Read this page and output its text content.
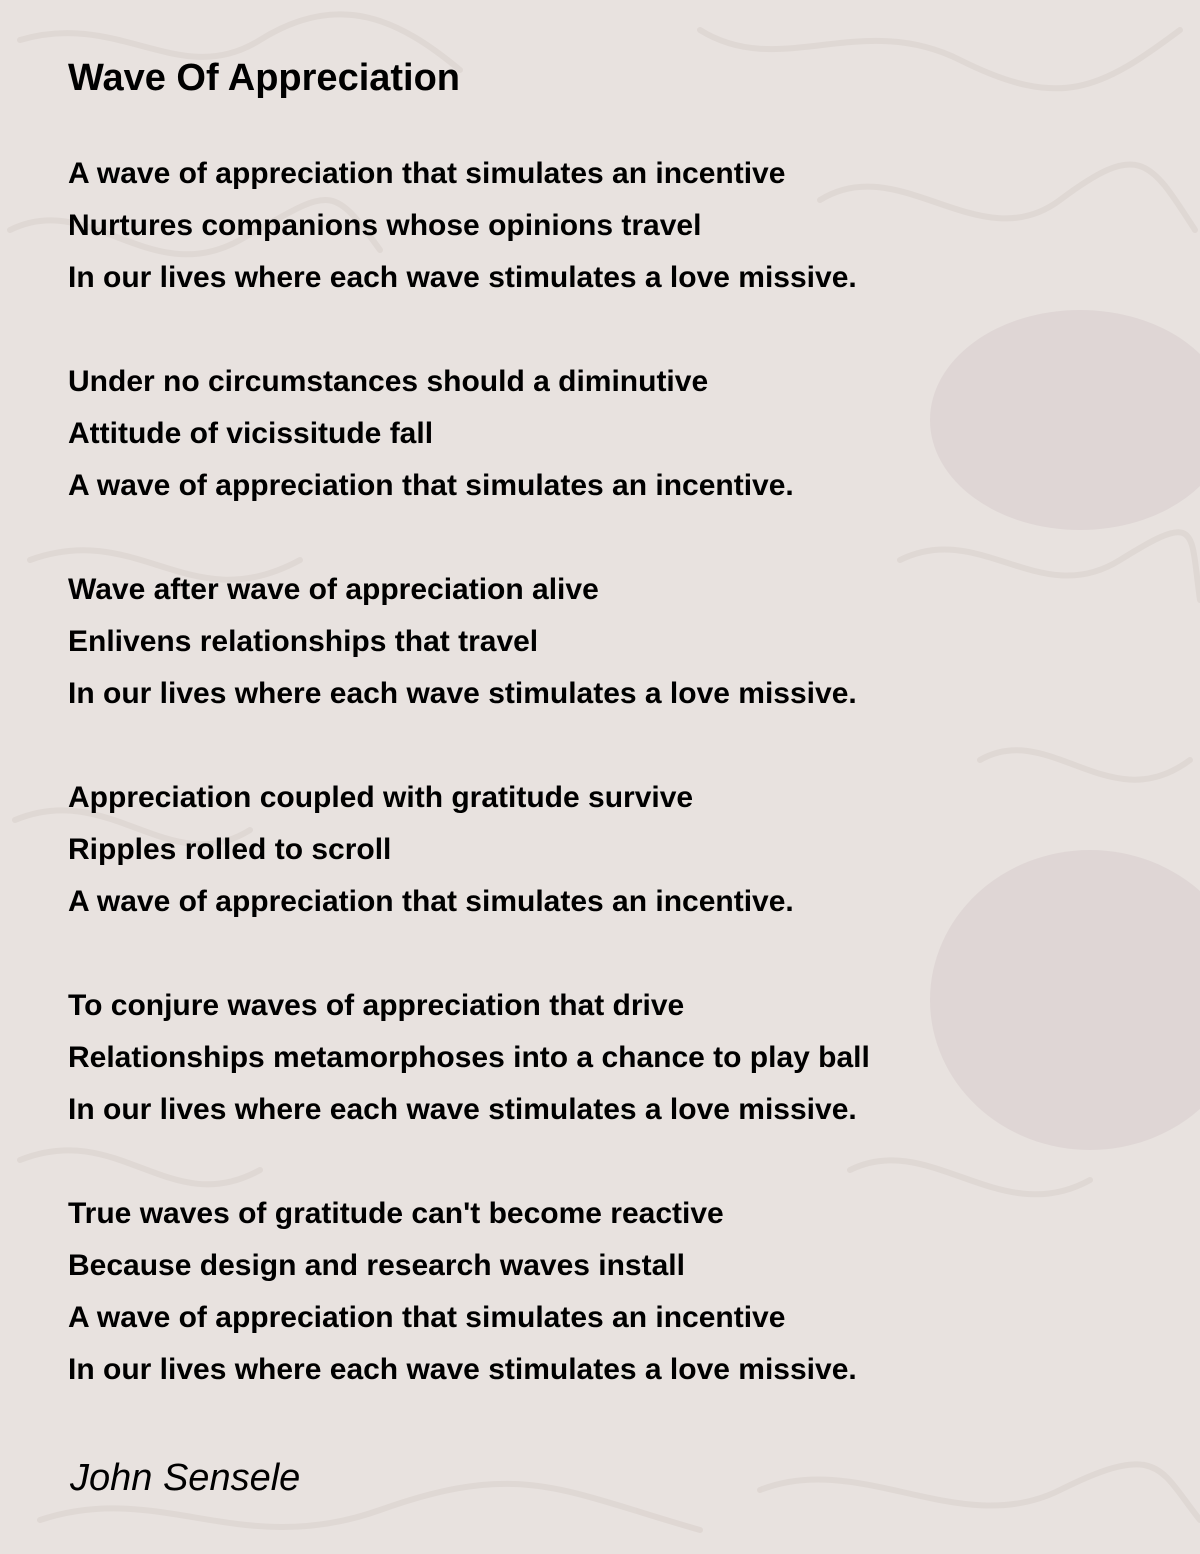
Wave Of Appreciation
A wave of appreciation that simulates an incentive
Nurtures companions whose opinions travel
In our lives where each wave stimulates a love missive.
Under no circumstances should a diminutive
Attitude of vicissitude fall
A wave of appreciation that simulates an incentive.
Wave after wave of appreciation alive
Enlivens relationships that travel
In our lives where each wave stimulates a love missive.
Appreciation coupled with gratitude survive
Ripples rolled to scroll
A wave of appreciation that simulates an incentive.
To conjure waves of appreciation that drive
Relationships metamorphoses into a chance to play ball
In our lives where each wave stimulates a love missive.
True waves of gratitude can't become reactive
Because design and research waves install
A wave of appreciation that simulates an incentive
In our lives where each wave stimulates a love missive.
John Sensele
